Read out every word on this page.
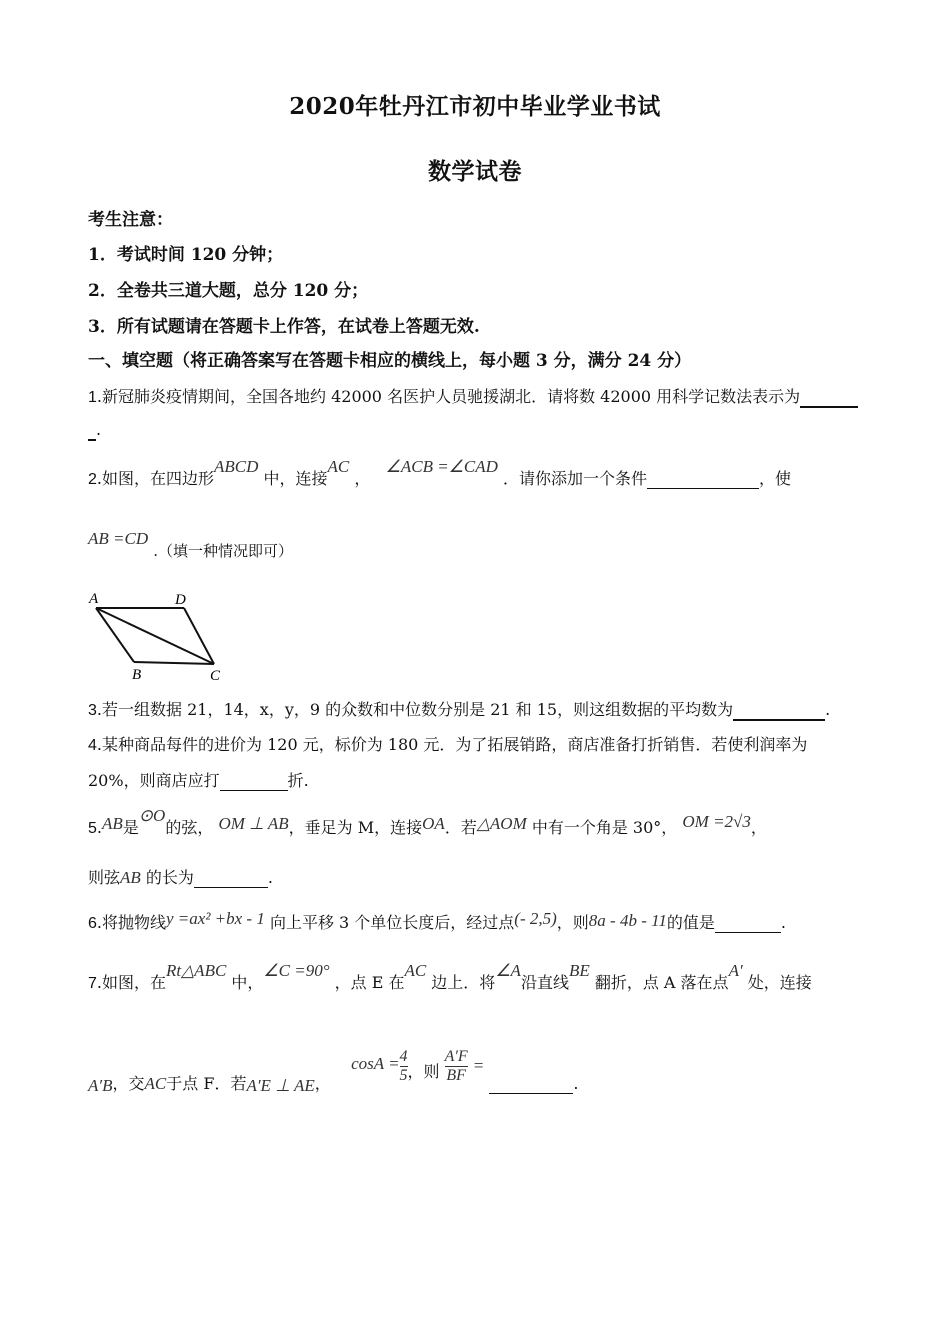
2020年牡丹江市初中毕业学业书试
数学试卷
考生注意：
1．考试时间 120 分钟；
2．全卷共三道大题，总分 120 分；
3．所有试题请在答题卡上作答，在试卷上答题无效.
一、填空题（将正确答案写在答题卡相应的横线上，每小题 3 分，满分 24 分）
1.新冠肺炎疫情期间，全国各地约 42000 名医护人员驰援湖北．请将数 42000 用科学记数法表示为
.
2.如图，在四边形ABCD 中，连接AC ，   ∠ACB =∠CAD ．请你添加一个条件	，使
AB =CD .（填一种情况即可）
A	D
B	C
3.若一组数据 21，14，x，y，9 的众数和中位数分别是 21 和 15，则这组数据的平均数为	.
4.某种商品每件的进价为 120 元，标价为 180 元．为了拓展销路，商店准备打折销售．若使利润率为
20%，则商店应打	折.
5.AB是⊙O的弦， OM ⊥ AB，垂足为 M，连接OA．若△AOM 中有一个角是 30°， OM =2√3，
则弦AB 的长为	.
6.将抛物线y =ax² +bx - 1 向上平移 3 个单位长度后，经过点(- 2,5)，则8a - 4b - 11的值是	.
7.如图，在Rt△ABC 中，∠C =90° ，点 E 在AC 边上．将∠A沿直线BE 翻折，点 A 落在点A′ 处，连接
A′B，交AC于点 F．若A′E ⊥ AE，    $\cos A = \frac{4}{5}$ ，则 $\frac{A'F}{BF}$ =  .
